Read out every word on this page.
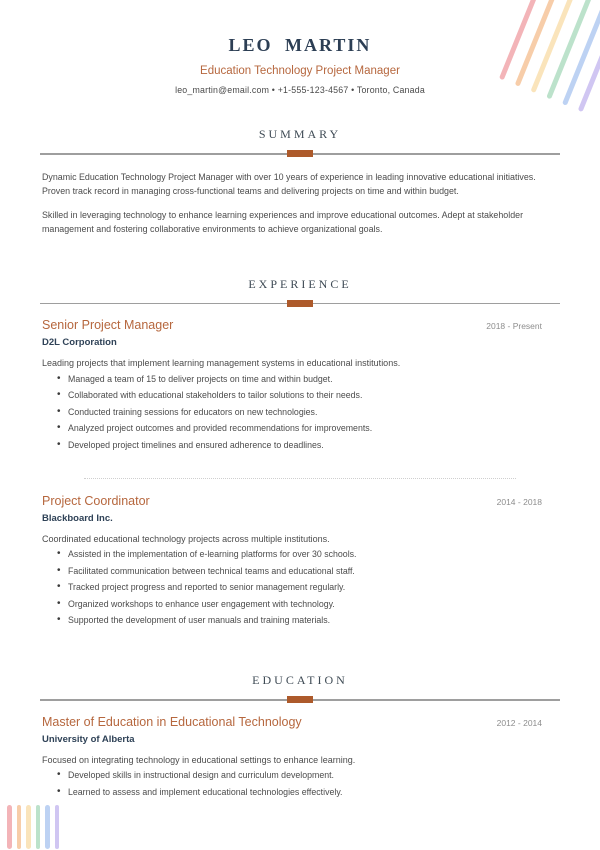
LEO MARTIN
Education Technology Project Manager
leo_martin@email.com • +1-555-123-4567 • Toronto, Canada
SUMMARY

Dynamic Education Technology Project Manager with over 10 years of experience in leading innovative educational initiatives. Proven track record in managing cross-functional teams and delivering projects on time and within budget.

Skilled in leveraging technology to enhance learning experiences and improve educational outcomes. Adept at stakeholder management and fostering collaborative environments to achieve organizational goals.

EXPERIENCE
Senior Project Manager	2018 - Present
D2L Corporation

Leading projects that implement learning management systems in educational institutions.

• Managed a team of 15 to deliver projects on time and within budget.
• Collaborated with educational stakeholders to tailor solutions to their needs.
• Conducted training sessions for educators on new technologies.
• Analyzed project outcomes and provided recommendations for improvements.
• Developed project timelines and ensured adherence to deadlines.
Project Coordinator	2014 - 2018
Blackboard Inc.

Coordinated educational technology projects across multiple institutions.

• Assisted in the implementation of e-learning platforms for over 30 schools.
• Facilitated communication between technical teams and educational staff.
• Tracked project progress and reported to senior management regularly.
• Organized workshops to enhance user engagement with technology.
• Supported the development of user manuals and training materials.
EDUCATION
Master of Education in Educational Technology	2012 - 2014
University of Alberta

Focused on integrating technology in educational settings to enhance learning.

• Developed skills in instructional design and curriculum development.
• Learned to assess and implement educational technologies effectively.
